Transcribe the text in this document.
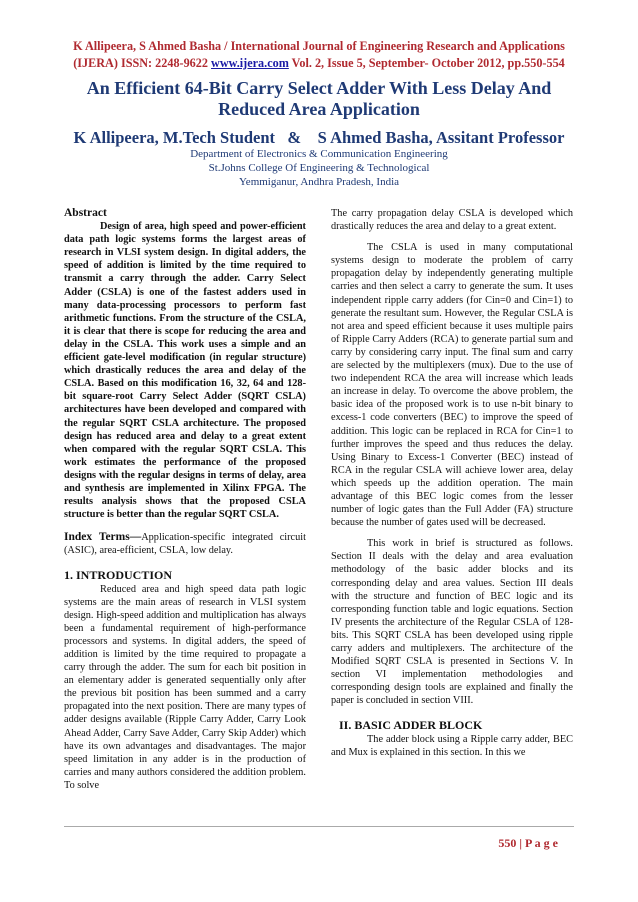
K Allipeera, S Ahmed Basha / International Journal of Engineering Research and Applications
(IJERA) ISSN: 2248-9622 www.ijera.com Vol. 2, Issue 5, September- October 2012, pp.550-554
An Efficient 64-Bit Carry Select Adder With Less Delay And
Reduced Area Application
K Allipeera, M.Tech Student   &    S Ahmed Basha, Assitant Professor
Department of Electronics & Communication Engineering
St.Johns College Of Engineering & Technological
Yemmiganur, Andhra Pradesh, India

Abstract

Design of area, high speed and power-efficient data path logic systems forms the largest areas of research in VLSI system design. In digital adders, the speed of addition is limited by the time required to transmit a carry through the adder. Carry Select Adder (CSLA) is one of the fastest adders used in many data-processing processors to perform fast arithmetic functions. From the structure of the CSLA, it is clear that there is scope for reducing the area and delay in the CSLA. This work uses a simple and an efficient gate-level modification (in regular structure) which drastically reduces the area and delay of the CSLA. Based on this modification 16, 32, 64 and 128-bit square-root Carry Select Adder (SQRT CSLA) architectures have been developed and compared with the regular SQRT CSLA architecture. The proposed design has reduced area and delay to a great extent when compared with the regular SQRT CSLA. This work estimates the performance of the proposed designs with the regular designs in terms of delay, area and synthesis are implemented in Xilinx FPGA. The results analysis shows that the proposed CSLA structure is better than the regular SQRT CSLA.

Index Terms—Application-specific integrated circuit (ASIC), area-efficient, CSLA, low delay.

1. INTRODUCTION

Reduced area and high speed data path logic systems are the main areas of research in VLSI system design. High-speed addition and multiplication has always been a fundamental requirement of high-performance processors and systems. In digital adders, the speed of addition is limited by the time required to propagate a carry through the adder. The sum for each bit position in an elementary adder is generated sequentially only after the previous bit position has been summed and a carry propagated into the next position. There are many types of adder designs available (Ripple Carry Adder, Carry Look Ahead Adder, Carry Save Adder, Carry Skip Adder) which have its own advantages and disadvantages. The major speed limitation in any adder is in the production of carries and many authors considered the addition problem. To solve

The carry propagation delay CSLA is developed which drastically reduces the area and delay to a great extent.

The CSLA is used in many computational systems design to moderate the problem of carry propagation delay by independently generating multiple carries and then select a carry to generate the sum. It uses independent ripple carry adders (for Cin=0 and Cin=1) to generate the resultant sum. However, the Regular CSLA is not area and speed efficient because it uses multiple pairs of Ripple Carry Adders (RCA) to generate partial sum and carry by considering carry input. The final sum and carry are selected by the multiplexers (mux). Due to the use of two independent RCA the area will increase which leads an increase in delay. To overcome the above problem, the basic idea of the proposed work is to use n-bit binary to excess-1 code converters (BEC) to improve the speed of addition. This logic can be replaced in RCA for Cin=1 to further improves the speed and thus reduces the delay. Using Binary to Excess-1 Converter (BEC) instead of RCA in the regular CSLA will achieve lower area, delay which speeds up the addition operation. The main advantage of this BEC logic comes from the lesser number of logic gates than the Full Adder (FA) structure because the number of gates used will be decreased.

This work in brief is structured as follows. Section II deals with the delay and area evaluation methodology of the basic adder blocks and its corresponding delay and area values. Section III deals with the structure and function of BEC logic and its corresponding function table and logic equations. Section IV presents the architecture of the Regular CSLA of 128-bits. This SQRT CSLA has been developed using ripple carry adders and multiplexers. The architecture of the Modified SQRT CSLA is presented in Sections V. In section VI implementation methodologies and corresponding design tools are explained and finally the paper is concluded in section VIII.

II. BASIC ADDER BLOCK

The adder block using a Ripple carry adder, BEC and Mux is explained in this section. In this we

550 | P a g e
